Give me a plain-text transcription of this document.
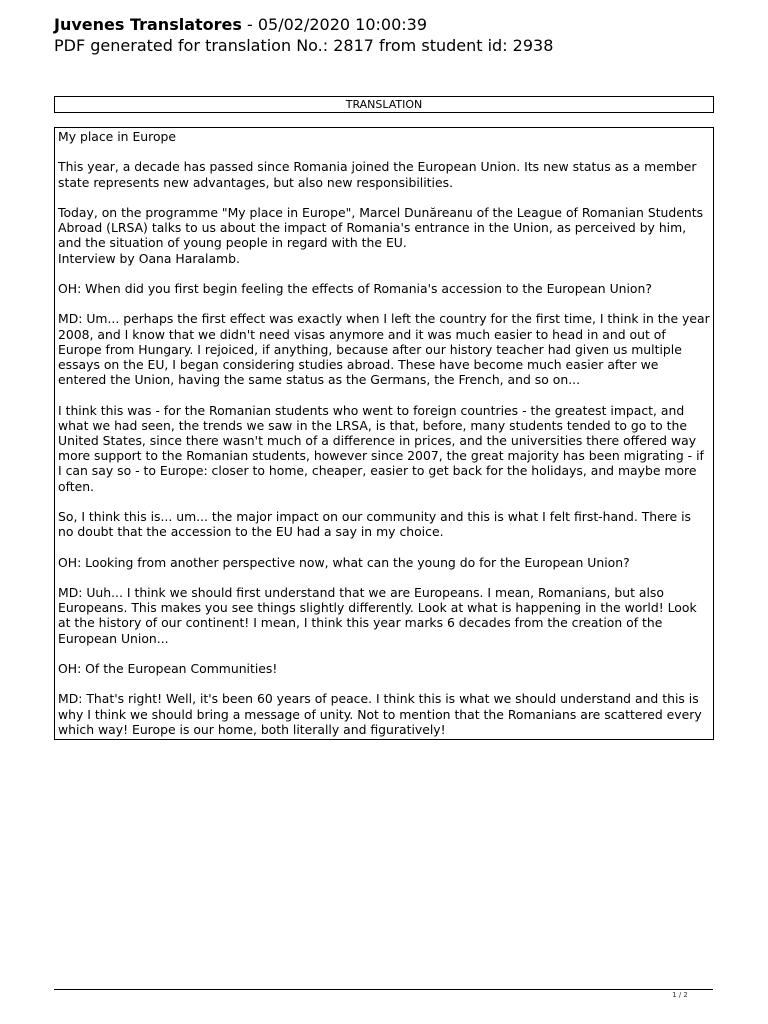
Juvenes Translatores - 05/02/2020 10:00:39
PDF generated for translation No.: 2817 from student id: 2938
TRANSLATION

My place in Europe

This year, a decade has passed since Romania joined the European Union. Its new status as a member state represents new advantages, but also new responsibilities.

Today, on the programme "My place in Europe", Marcel Dunăreanu of the League of Romanian Students Abroad (LRSA) talks to us about the impact of Romania's entrance in the Union, as perceived by him, and the situation of young people in regard with the EU.
Interview by Oana Haralamb.

OH: When did you first begin feeling the effects of Romania's accession to the European Union?

MD: Um... perhaps the first effect was exactly when I left the country for the first time, I think in the year 2008, and I know that we didn't need visas anymore and it was much easier to head in and out of Europe from Hungary. I rejoiced, if anything, because after our history teacher had given us multiple essays on the EU, I began considering studies abroad. These have become much easier after we entered the Union, having the same status as the Germans, the French, and so on...

I think this was - for the Romanian students who went to foreign countries - the greatest impact, and what we had seen, the trends we saw in the LRSA, is that, before, many students tended to go to the United States, since there wasn't much of a difference in prices, and the universities there offered way more support to the Romanian students, however since 2007, the great majority has been migrating - if I can say so - to Europe: closer to home, cheaper, easier to get back for the holidays, and maybe more often.

So, I think this is... um... the major impact on our community and this is what I felt first-hand. There is no doubt that the accession to the EU had a say in my choice.

OH: Looking from another perspective now, what can the young do for the European Union?

MD: Uuh... I think we should first understand that we are Europeans. I mean, Romanians, but also Europeans. This makes you see things slightly differently. Look at what is happening in the world! Look at the history of our continent! I mean, I think this year marks 6 decades from the creation of the European Union...

OH: Of the European Communities!

MD: That's right! Well, it's been 60 years of peace. I think this is what we should understand and this is why I think we should bring a message of unity. Not to mention that the Romanians are scattered every which way! Europe is our home, both literally and figuratively!

1 / 2
